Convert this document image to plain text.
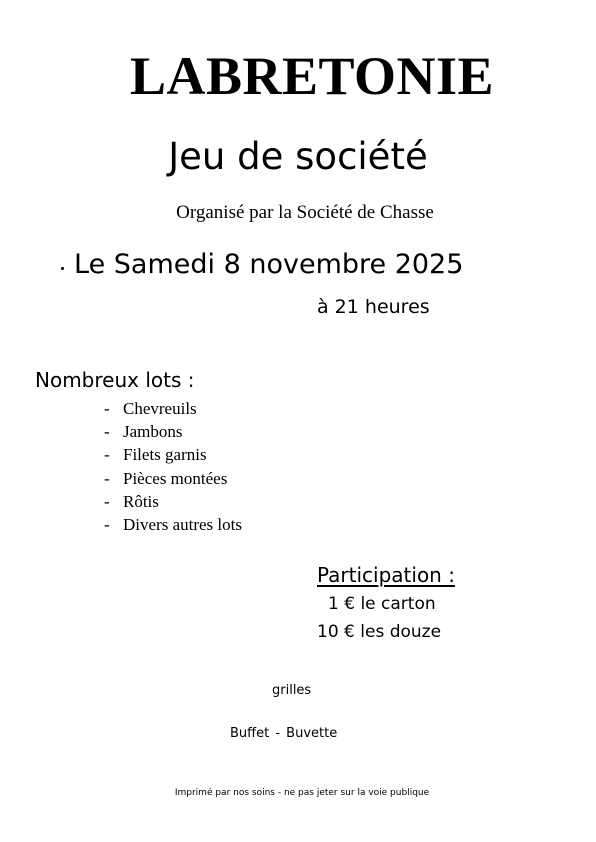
LABRETONIE
Jeu de société
Organisé par la Société de Chasse
Le Samedi 8 novembre 2025
à 21 heures
Nombreux lots :
- Chevreuils
- Jambons
- Filets garnis
- Pièces montées
- Rôtis
- Divers autres lots
Participation :
1 € le carton
10 € les douze
grilles
Buffet - Buvette
Imprimé par nos soins - ne pas jeter sur la voie publique
